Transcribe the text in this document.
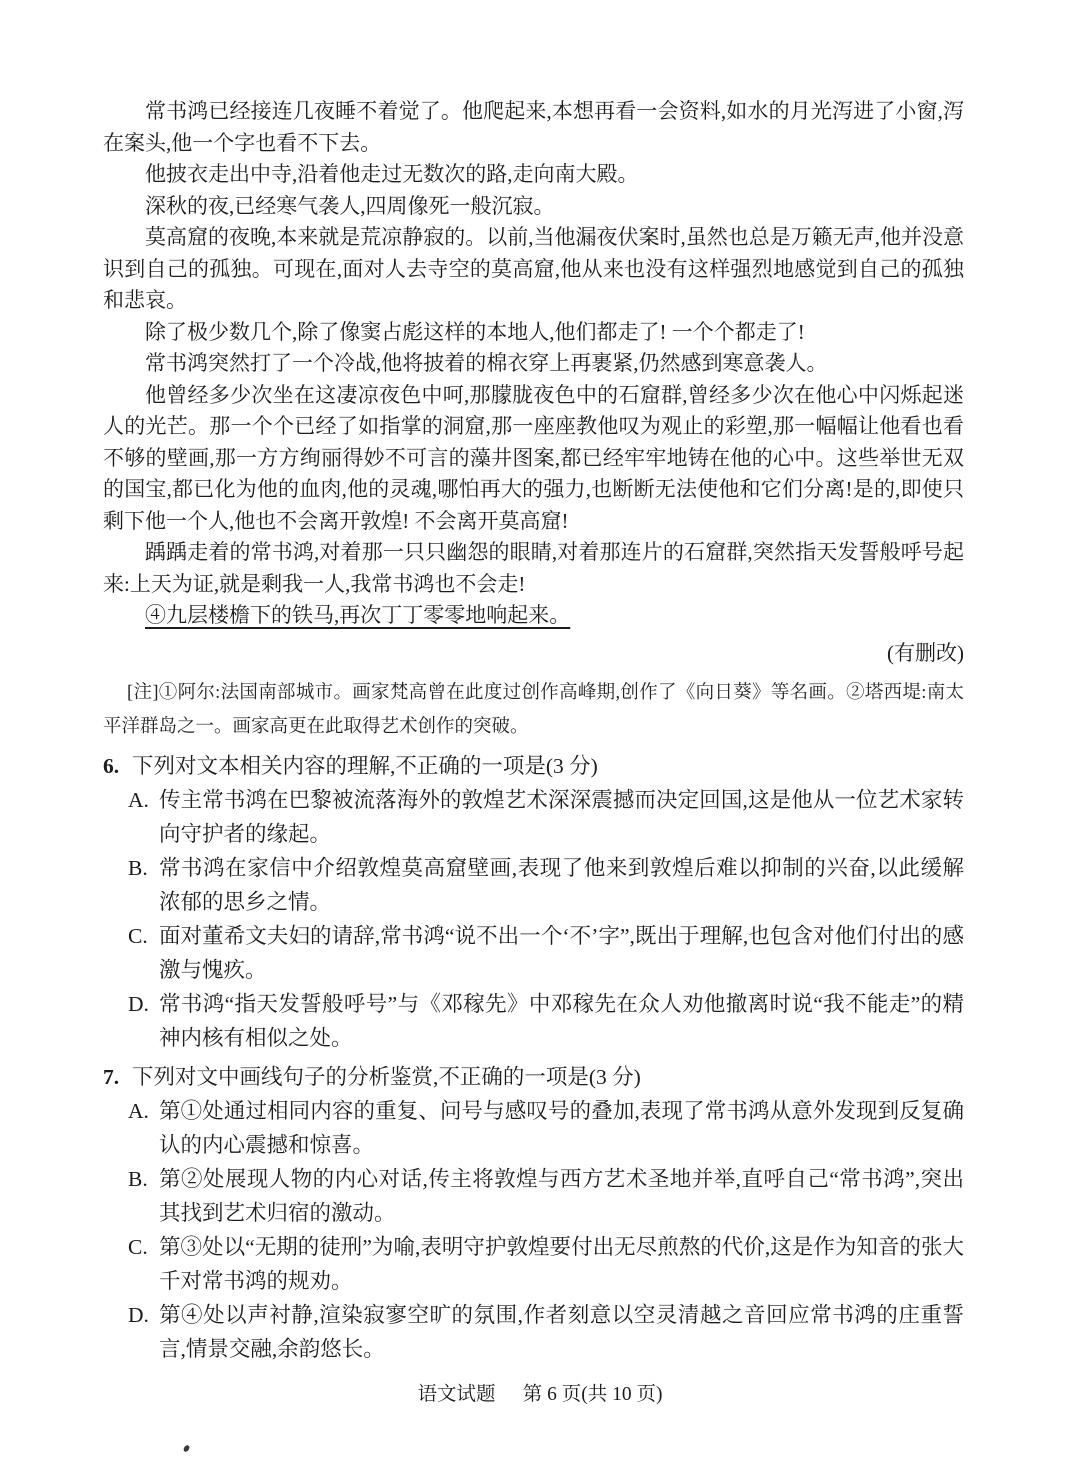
常书鸿已经接连几夜睡不着觉了。他爬起来,本想再看一会资料,如水的月光泻进了小窗,泻在案头,他一个字也看不下去。

他披衣走出中寺,沿着他走过无数次的路,走向南大殿。

深秋的夜,已经寒气袭人,四周像死一般沉寂。

莫高窟的夜晚,本来就是荒凉静寂的。以前,当他漏夜伏案时,虽然也总是万籁无声,他并没意识到自己的孤独。可现在,面对人去寺空的莫高窟,他从来也没有这样强烈地感觉到自己的孤独和悲哀。

除了极少数几个,除了像窦占彪这样的本地人,他们都走了! 一个个都走了!

常书鸿突然打了一个冷战,他将披着的棉衣穿上再裹紧,仍然感到寒意袭人。

他曾经多少次坐在这凄凉夜色中呵,那朦胧夜色中的石窟群,曾经多少次在他心中闪烁起迷人的光芒。那一个个已经了如指掌的洞窟,那一座座教他叹为观止的彩塑,那一幅幅让他看也看不够的壁画,那一方方绚丽得妙不可言的藻井图案,都已经牢牢地铸在他的心中。这些举世无双的国宝,都已化为他的血肉,他的灵魂,哪怕再大的强力,也断断无法使他和它们分离!是的,即使只剩下他一个人,他也不会离开敦煌! 不会离开莫高窟!

踽踽走着的常书鸿,对着那一只只幽怨的眼睛,对着那连片的石窟群,突然指天发誓般呼号起来:上天为证,就是剩我一人,我常书鸿也不会走!

④九层楼檐下的铁马,再次丁丁零零地响起来。

(有删改)

[注]①阿尔:法国南部城市。画家梵高曾在此度过创作高峰期,创作了《向日葵》等名画。②塔西堤:南太平洋群岛之一。画家高更在此取得艺术创作的突破。

6. 下列对文本相关内容的理解,不正确的一项是(3 分)
A. 传主常书鸿在巴黎被流落海外的敦煌艺术深深震撼而决定回国,这是他从一位艺术家转向守护者的缘起。
B. 常书鸿在家信中介绍敦煌莫高窟壁画,表现了他来到敦煌后难以抑制的兴奋,以此缓解浓郁的思乡之情。
C. 面对董希文夫妇的请辞,常书鸿“说不出一个‘不’字”,既出于理解,也包含对他们付出的感激与愧疚。
D. 常书鸿“指天发誓般呼号”与《邓稼先》中邓稼先在众人劝他撤离时说“我不能走”的精神内核有相似之处。
7. 下列对文中画线句子的分析鉴赏,不正确的一项是(3 分)
A. 第①处通过相同内容的重复、问号与感叹号的叠加,表现了常书鸿从意外发现到反复确认的内心震撼和惊喜。
B. 第②处展现人物的内心对话,传主将敦煌与西方艺术圣地并举,直呼自己“常书鸿”,突出其找到艺术归宿的激动。
C. 第③处以“无期的徒刑”为喻,表明守护敦煌要付出无尽煎熬的代价,这是作为知音的张大千对常书鸿的规劝。
D. 第④处以声衬静,渲染寂寥空旷的氛围,作者刻意以空灵清越之音回应常书鸿的庄重誓言,情景交融,余韵悠长。
语文试题 第 6 页(共 10 页)
